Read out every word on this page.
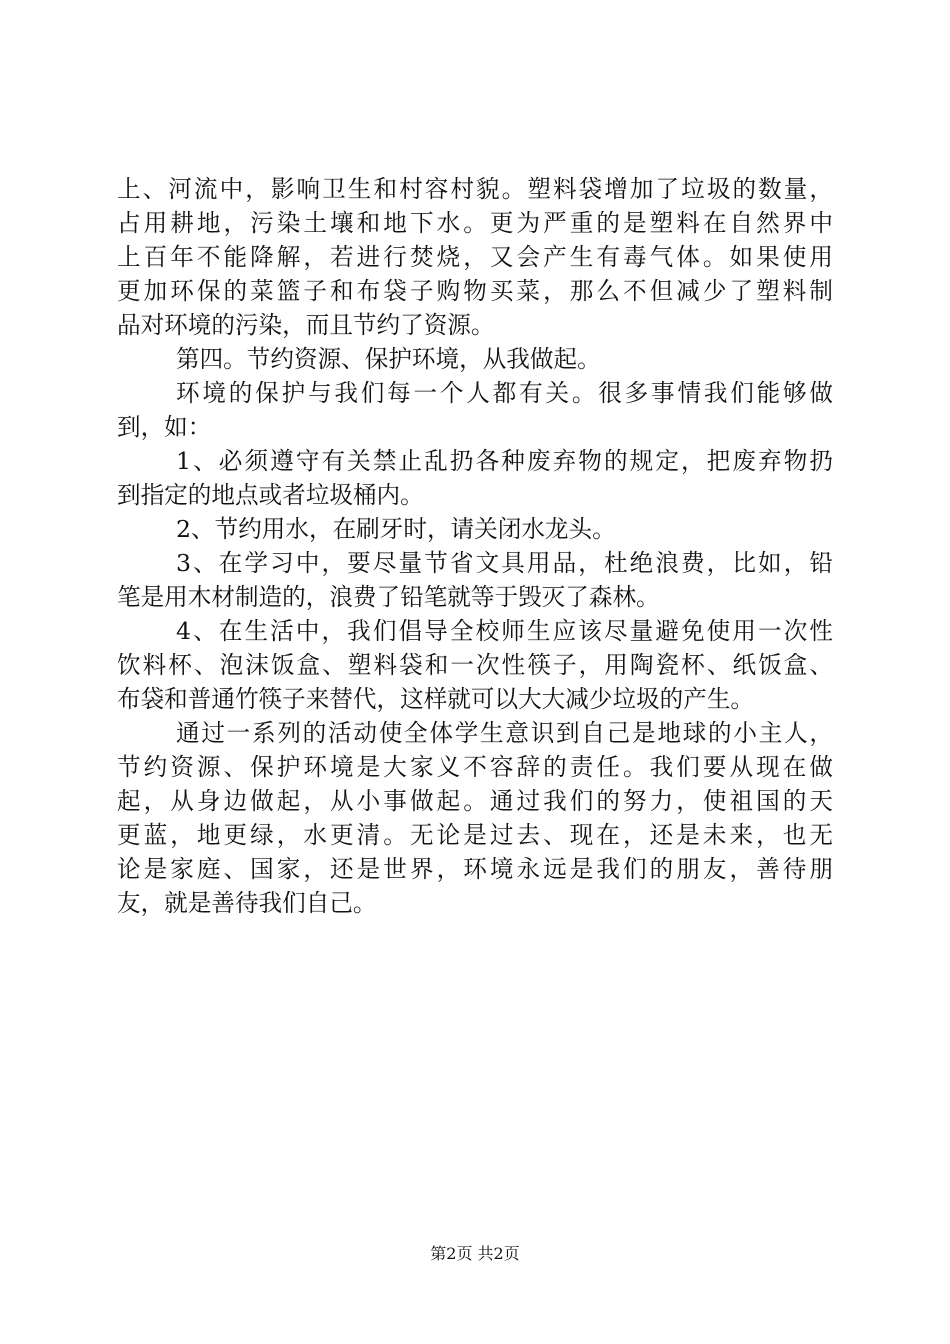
上、河流中，影响卫生和村容村貌。塑料袋增加了垃圾的数量，
占用耕地，污染土壤和地下水。更为严重的是塑料在自然界中
上百年不能降解，若进行焚烧，又会产生有毒气体。如果使用
更加环保的菜篮子和布袋子购物买菜，那么不但减少了塑料制
品对环境的污染，而且节约了资源。
第四。节约资源、保护环境，从我做起。
环境的保护与我们每一个人都有关。很多事情我们能够做
到，如：
1、必须遵守有关禁止乱扔各种废弃物的规定，把废弃物扔
到指定的地点或者垃圾桶内。
2、节约用水，在刷牙时，请关闭水龙头。
3、在学习中，要尽量节省文具用品，杜绝浪费，比如，铅
笔是用木材制造的，浪费了铅笔就等于毁灭了森林。
4、在生活中，我们倡导全校师生应该尽量避免使用一次性
饮料杯、泡沫饭盒、塑料袋和一次性筷子，用陶瓷杯、纸饭盒、
布袋和普通竹筷子来替代，这样就可以大大减少垃圾的产生。
通过一系列的活动使全体学生意识到自己是地球的小主人，
节约资源、保护环境是大家义不容辞的责任。我们要从现在做
起，从身边做起，从小事做起。通过我们的努力，使祖国的天
更蓝，地更绿，水更清。无论是过去、现在，还是未来，也无
论是家庭、国家，还是世界，环境永远是我们的朋友，善待朋
友，就是善待我们自己。
第2页 共2页
